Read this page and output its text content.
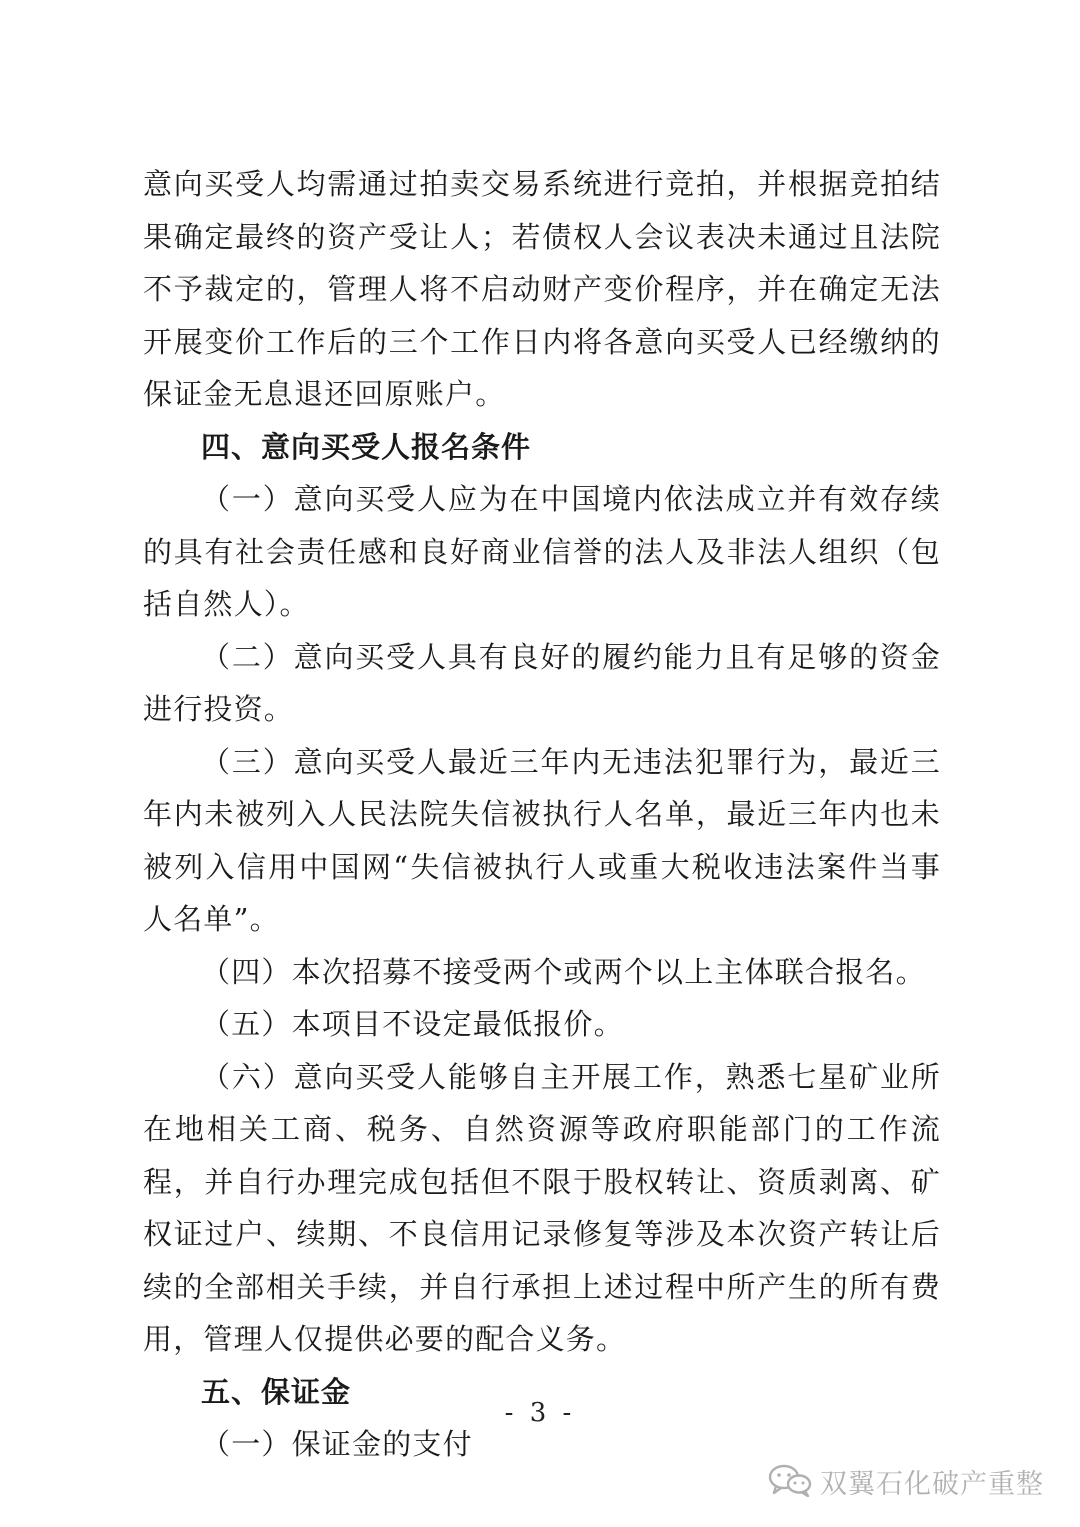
意向买受人均需通过拍卖交易系统进行竞拍，并根据竞拍结果确定最终的资产受让人；若债权人会议表决未通过且法院不予裁定的，管理人将不启动财产变价程序，并在确定无法开展变价工作后的三个工作日内将各意向买受人已经缴纳的保证金无息退还回原账户。

四、意向买受人报名条件

（一）意向买受人应为在中国境内依法成立并有效存续的具有社会责任感和良好商业信誉的法人及非法人组织（包括自然人）。

（二）意向买受人具有良好的履约能力且有足够的资金进行投资。

（三）意向买受人最近三年内无违法犯罪行为，最近三年内未被列入人民法院失信被执行人名单，最近三年内也未被列入信用中国网“失信被执行人或重大税收违法案件当事人名单”。

（四）本次招募不接受两个或两个以上主体联合报名。

（五）本项目不设定最低报价。

（六）意向买受人能够自主开展工作，熟悉七星矿业所在地相关工商、税务、自然资源等政府职能部门的工作流程，并自行办理完成包括但不限于股权转让、资质剥离、矿权证过户、续期、不良信用记录修复等涉及本次资产转让后续的全部相关手续，并自行承担上述过程中所产生的所有费用，管理人仅提供必要的配合义务。

五、保证金

（一）保证金的支付

- 3 -
双翼石化破产重整
